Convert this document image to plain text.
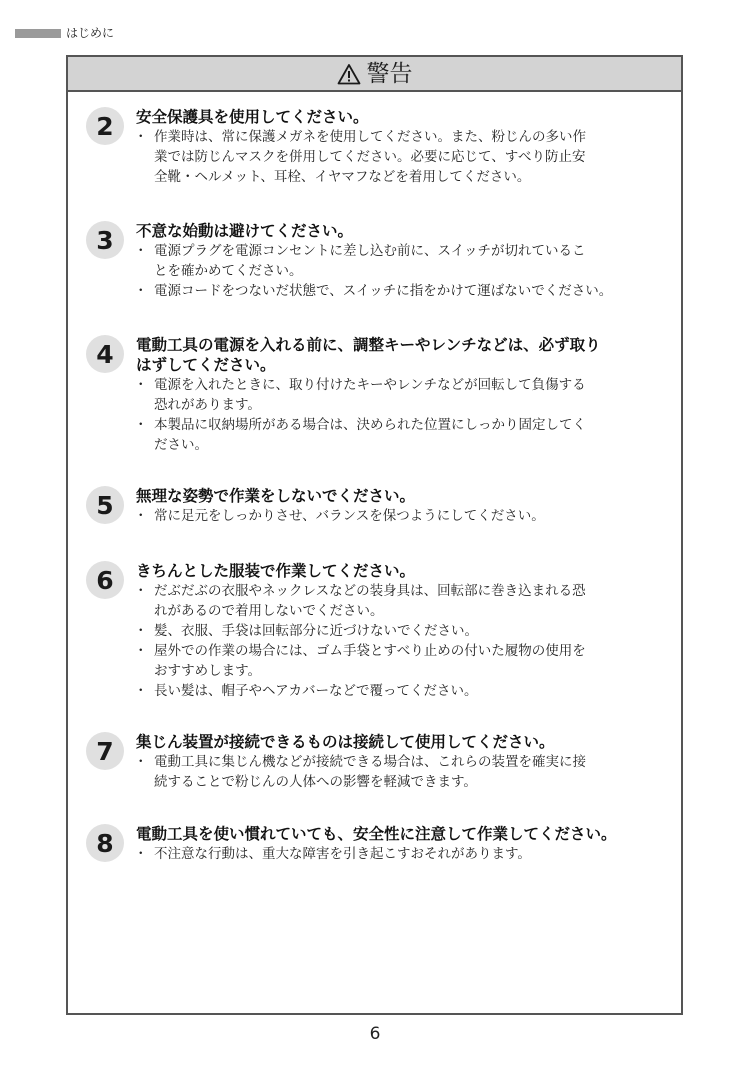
はじめに
警告
2	安全保護具を使用してください。
・ 作業時は、常に保護メガネを使用してください。また、粉じんの多い作
業では防じんマスクを併用してください。必要に応じて、すべり防止安
全靴・ヘルメット、耳栓、イヤマフなどを着用してください。
3	不意な始動は避けてください。
・ 電源プラグを電源コンセントに差し込む前に、スイッチが切れているこ
とを確かめてください。
・ 電源コードをつないだ状態で、スイッチに指をかけて運ばないでください。
4	電動工具の電源を入れる前に、調整キーやレンチなどは、必ず取り
はずしてください。
・ 電源を入れたときに、取り付けたキーやレンチなどが回転して負傷する
恐れがあります。
・ 本製品に収納場所がある場合は、決められた位置にしっかり固定してく
ださい。
5	無理な姿勢で作業をしないでください。
・ 常に足元をしっかりさせ、バランスを保つようにしてください。
6	きちんとした服装で作業してください。
・ だぶだぶの衣服やネックレスなどの装身具は、回転部に巻き込まれる恐
れがあるので着用しないでください。
・ 髪、衣服、手袋は回転部分に近づけないでください。
・ 屋外での作業の場合には、ゴム手袋とすべり止めの付いた履物の使用を
おすすめします。
・ 長い髪は、帽子やヘアカバーなどで覆ってください。
7	集じん装置が接続できるものは接続して使用してください。
・ 電動工具に集じん機などが接続できる場合は、これらの装置を確実に接
続することで粉じんの人体への影響を軽減できます。
8	電動工具を使い慣れていても、安全性に注意して作業してください。
・ 不注意な行動は、重大な障害を引き起こすおそれがあります。
6
